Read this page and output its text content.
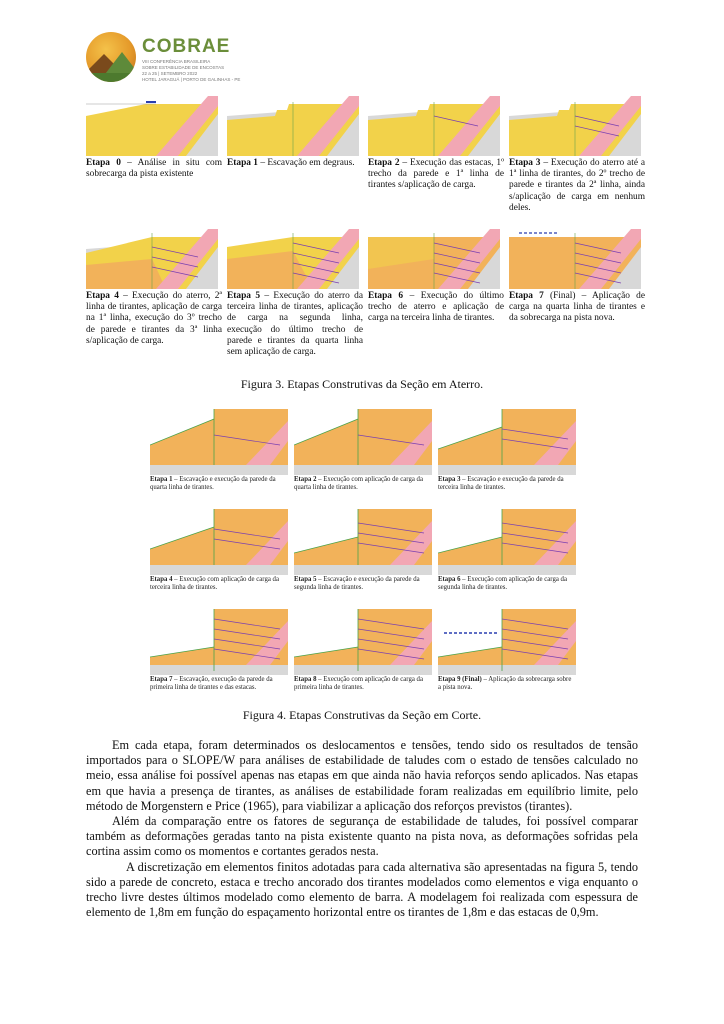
COBRAE
VIII CONFERÊNCIA BRASILEIRA
SOBRE ESTABILIDADE DE ENCOSTAS
22 a 25 | SETEMBRO 2022
HOTEL JARAGUÁ | PORTO DE GALINHAS - PE
Etapa 0 – Análise in situ com sobrecarga da pista existente
Etapa 1 – Escavação em degraus.	Etapa 2 – Execução das estacas, 1º trecho da parede e 1ª linha de tirantes s/aplicação de carga.
Etapa 3 – Execução do aterro até a 1ª linha de tirantes, do 2º trecho de parede e tirantes da 2ª linha, ainda s/aplicação de carga em nenhum deles.
Etapa 4 – Execução do aterro, 2ª linha de tirantes, aplicação de carga na 1ª linha, execução do 3º trecho de parede e tirantes da 3ª linha s/aplicação de carga.
Etapa 5 – Execução do aterro da terceira linha de tirantes, aplicação de carga na segunda linha, execução do último trecho de parede e tirantes da quarta linha sem aplicação de carga.
Etapa 6 – Execução do último trecho de aterro e aplicação de carga na terceira linha de tirantes.
Etapa 7 (Final) – Aplicação de carga na quarta linha de tirantes e da sobrecarga na pista nova.
Figura 3. Etapas Construtivas da Seção em Aterro.
Etapa 1 – Escavação e execução da parede da quarta linha de tirantes.
Etapa 2 – Execução com aplicação de carga da quarta linha de tirantes.
Etapa 3 – Escavação e execução da parede da terceira linha de tirantes.
Etapa 4 – Execução com aplicação de carga da terceira linha de tirantes.
Etapa 5 – Escavação e execução da parede da segunda linha de tirantes.
Etapa 6 – Execução com aplicação de carga da segunda linha de tirantes.
Etapa 7 – Escavação, execução da parede da primeira linha de tirantes e das estacas.
Etapa 8 – Execução com aplicação de carga da primeira linha de tirantes.
Etapa 9 (Final) – Aplicação da sobrecarga sobre a pista nova.
Figura 4. Etapas Construtivas da Seção em Corte.

Em cada etapa, foram determinados os deslocamentos e tensões, tendo sido os resultados de tensão importados para o SLOPE/W para análises de estabilidade de taludes com o estado de tensões calculado no meio, essa análise foi possível apenas nas etapas em que ainda não havia reforços sendo aplicados. Nas etapas em que havia a presença de tirantes, as análises de estabilidade foram realizadas em equilíbrio limite, pelo método de Morgenstern e Price (1965), para viabilizar a aplicação dos reforços previstos (tirantes).

Além da comparação entre os fatores de segurança de estabilidade de taludes, foi possível comparar também as deformações geradas tanto na pista existente quanto na pista nova, as deformações sofridas pela cortina assim como os momentos e cortantes gerados nesta.

A discretização em elementos finitos adotadas para cada alternativa são apresentadas na figura 5, tendo sido a parede de concreto, estaca e trecho ancorado dos tirantes modelados como elementos e viga enquanto o trecho livre destes últimos modelado como elemento de barra. A modelagem foi realizada com espessura de elemento de 1,8m em função do espaçamento horizontal entre os tirantes de 1,8m e das estacas de 0,9m.
